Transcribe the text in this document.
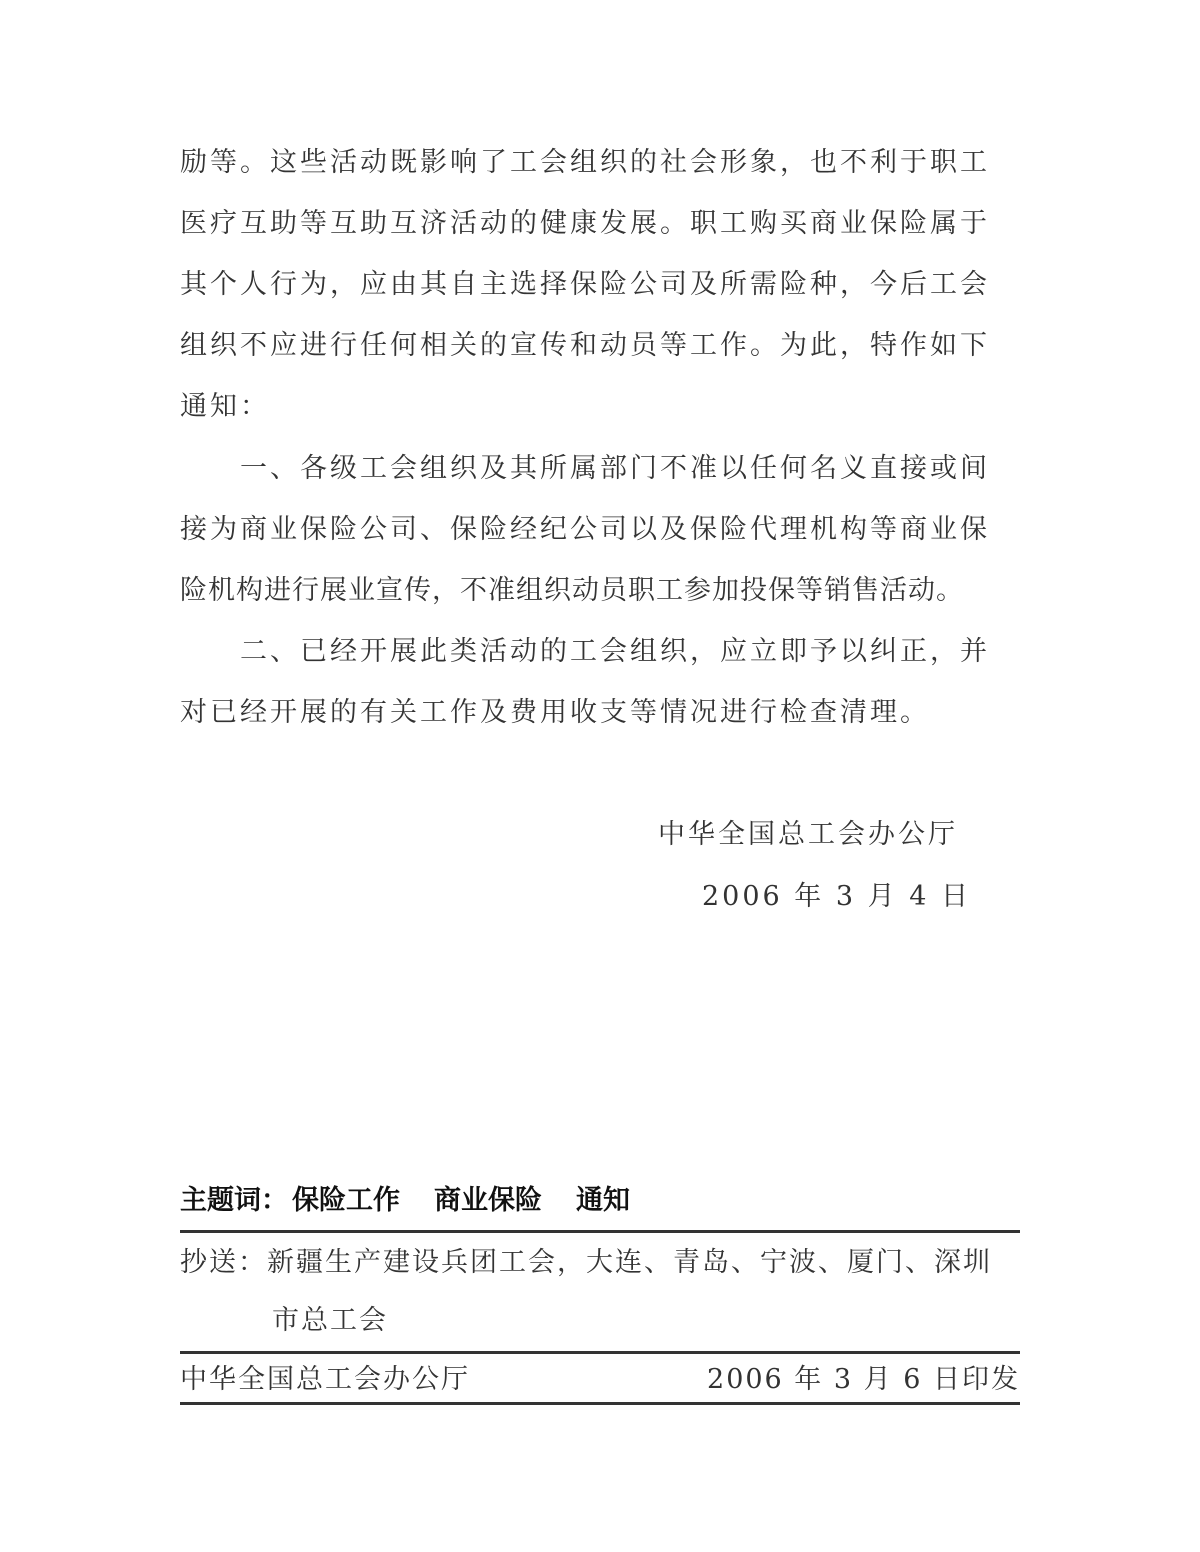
励等。这些活动既影响了工会组织的社会形象，也不利于职工
医疗互助等互助互济活动的健康发展。职工购买商业保险属于
其个人行为，应由其自主选择保险公司及所需险种，今后工会
组织不应进行任何相关的宣传和动员等工作。为此，特作如下
通知：
　　一、各级工会组织及其所属部门不准以任何名义直接或间
接为商业保险公司、保险经纪公司以及保险代理机构等商业保
险机构进行展业宣传，不准组织动员职工参加投保等销售活动。
　　二、已经开展此类活动的工会组织，应立即予以纠正，并
对已经开展的有关工作及费用收支等情况进行检查清理。
中华全国总工会办公厅
2006 年 3 月 4 日
主题词： 保险工作 商业保险 通知
抄送：新疆生产建设兵团工会，大连、青岛、宁波、厦门、深圳
市总工会
中华全国总工会办公厅	2006 年 3 月 6 日印发
